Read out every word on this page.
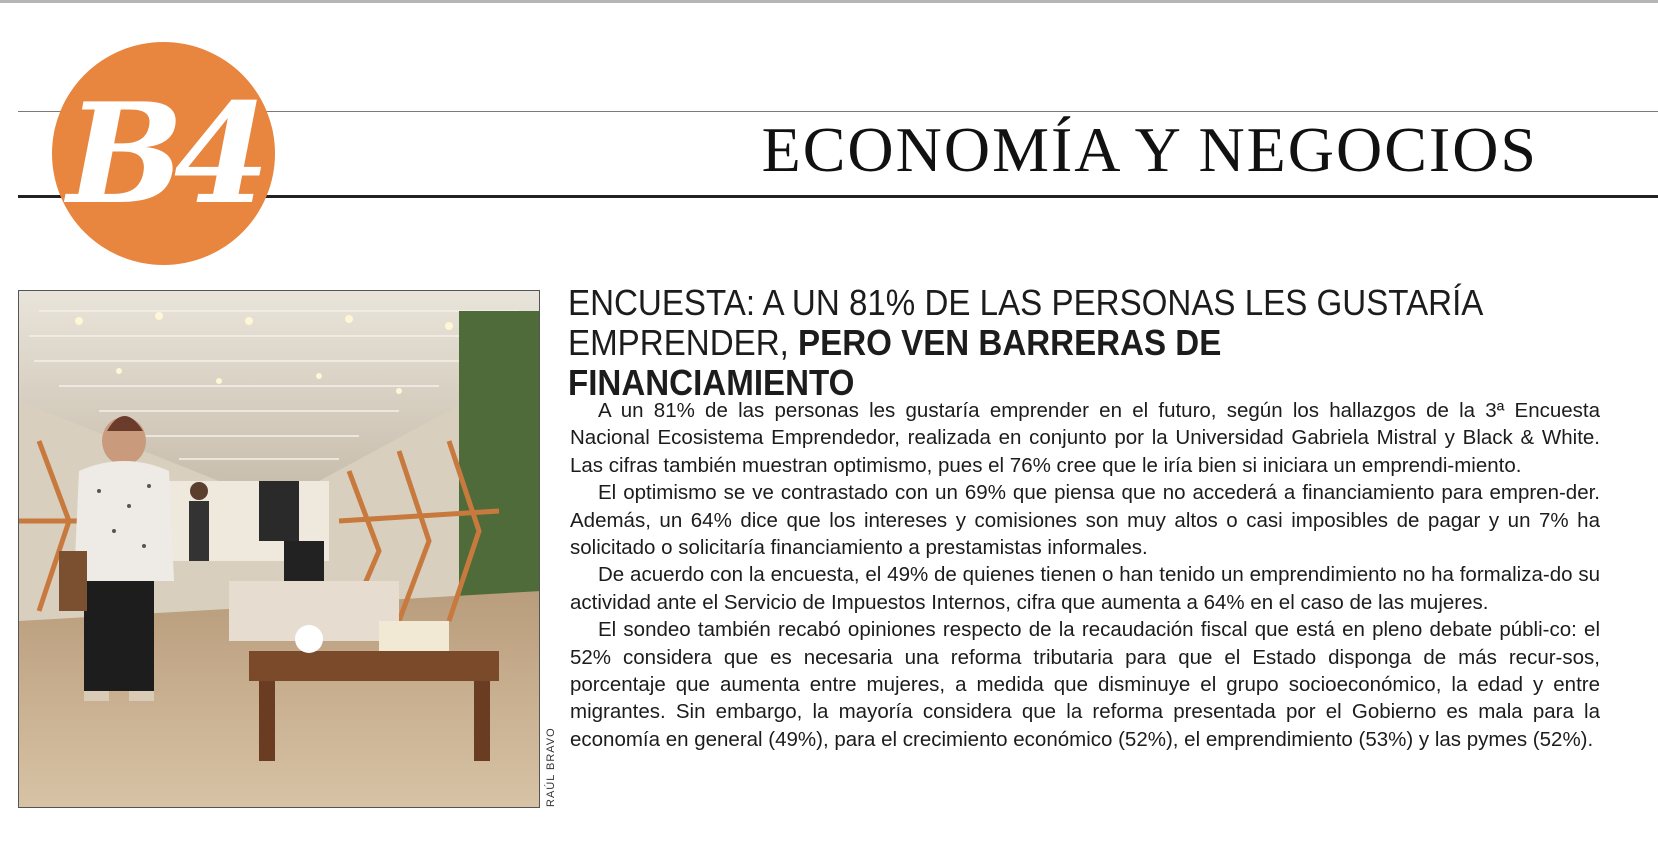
B4	ECONOMÍA Y NEGOCIOS
RAÚL BRAVO
ENCUESTA: A UN 81% DE LAS PERSONAS LES GUSTARÍA EMPRENDER, PERO VEN BARRERAS DE FINANCIAMIENTO

A un 81% de las personas les gustaría emprender en el futuro, según los hallazgos de la 3ª Encuesta Nacional Ecosistema Emprendedor, realizada en conjunto por la Universidad Gabriela Mistral y Black & White. Las cifras también muestran optimismo, pues el 76% cree que le iría bien si iniciara un emprendi-miento.

El optimismo se ve contrastado con un 69% que piensa que no accederá a financiamiento para empren-der. Además, un 64% dice que los intereses y comisiones son muy altos o casi imposibles de pagar y un 7% ha solicitado o solicitaría financiamiento a prestamistas informales.

De acuerdo con la encuesta, el 49% de quienes tienen o han tenido un emprendimiento no ha formaliza-do su actividad ante el Servicio de Impuestos Internos, cifra que aumenta a 64% en el caso de las mujeres.

El sondeo también recabó opiniones respecto de la recaudación fiscal que está en pleno debate públi-co: el 52% considera que es necesaria una reforma tributaria para que el Estado disponga de más recur-sos, porcentaje que aumenta entre mujeres, a medida que disminuye el grupo socioeconómico, la edad y entre migrantes. Sin embargo, la mayoría considera que la reforma presentada por el Gobierno es mala para la economía en general (49%), para el crecimiento económico (52%), el emprendimiento (53%) y las pymes (52%).
